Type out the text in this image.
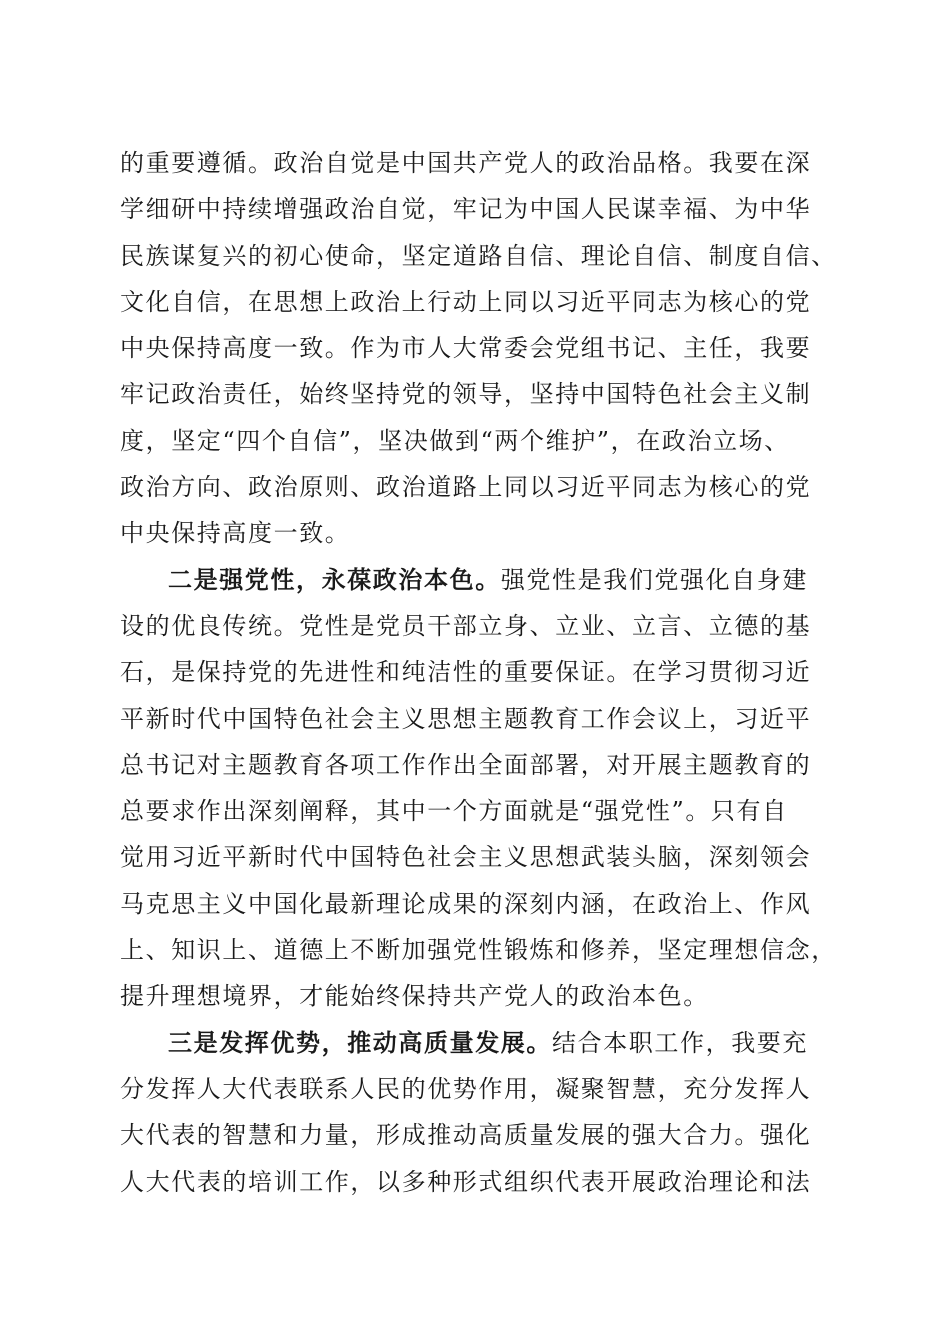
的重要遵循。政治自觉是中国共产党人的政治品格。我要在深
学细研中持续增强政治自觉，牢记为中国人民谋幸福、为中华
民族谋复兴的初心使命，坚定道路自信、理论自信、制度自信、
文化自信，在思想上政治上行动上同以习近平同志为核心的党
中央保持高度一致。作为市人大常委会党组书记、主任，我要
牢记政治责任，始终坚持党的领导，坚持中国特色社会主义制
度，坚定“四个自信”，坚决做到“两个维护”，在政治立场、
政治方向、政治原则、政治道路上同以习近平同志为核心的党
中央保持高度一致。
二是强党性，永葆政治本色。强党性是我们党强化自身建
设的优良传统。党性是党员干部立身、立业、立言、立德的基
石，是保持党的先进性和纯洁性的重要保证。在学习贯彻习近
平新时代中国特色社会主义思想主题教育工作会议上，习近平
总书记对主题教育各项工作作出全面部署，对开展主题教育的
总要求作出深刻阐释，其中一个方面就是“强党性”。只有自
觉用习近平新时代中国特色社会主义思想武装头脑，深刻领会
马克思主义中国化最新理论成果的深刻内涵，在政治上、作风
上、知识上、道德上不断加强党性锻炼和修养，坚定理想信念，
提升理想境界，才能始终保持共产党人的政治本色。
三是发挥优势，推动高质量发展。结合本职工作，我要充
分发挥人大代表联系人民的优势作用，凝聚智慧，充分发挥人
大代表的智慧和力量，形成推动高质量发展的强大合力。强化
人大代表的培训工作，以多种形式组织代表开展政治理论和法
